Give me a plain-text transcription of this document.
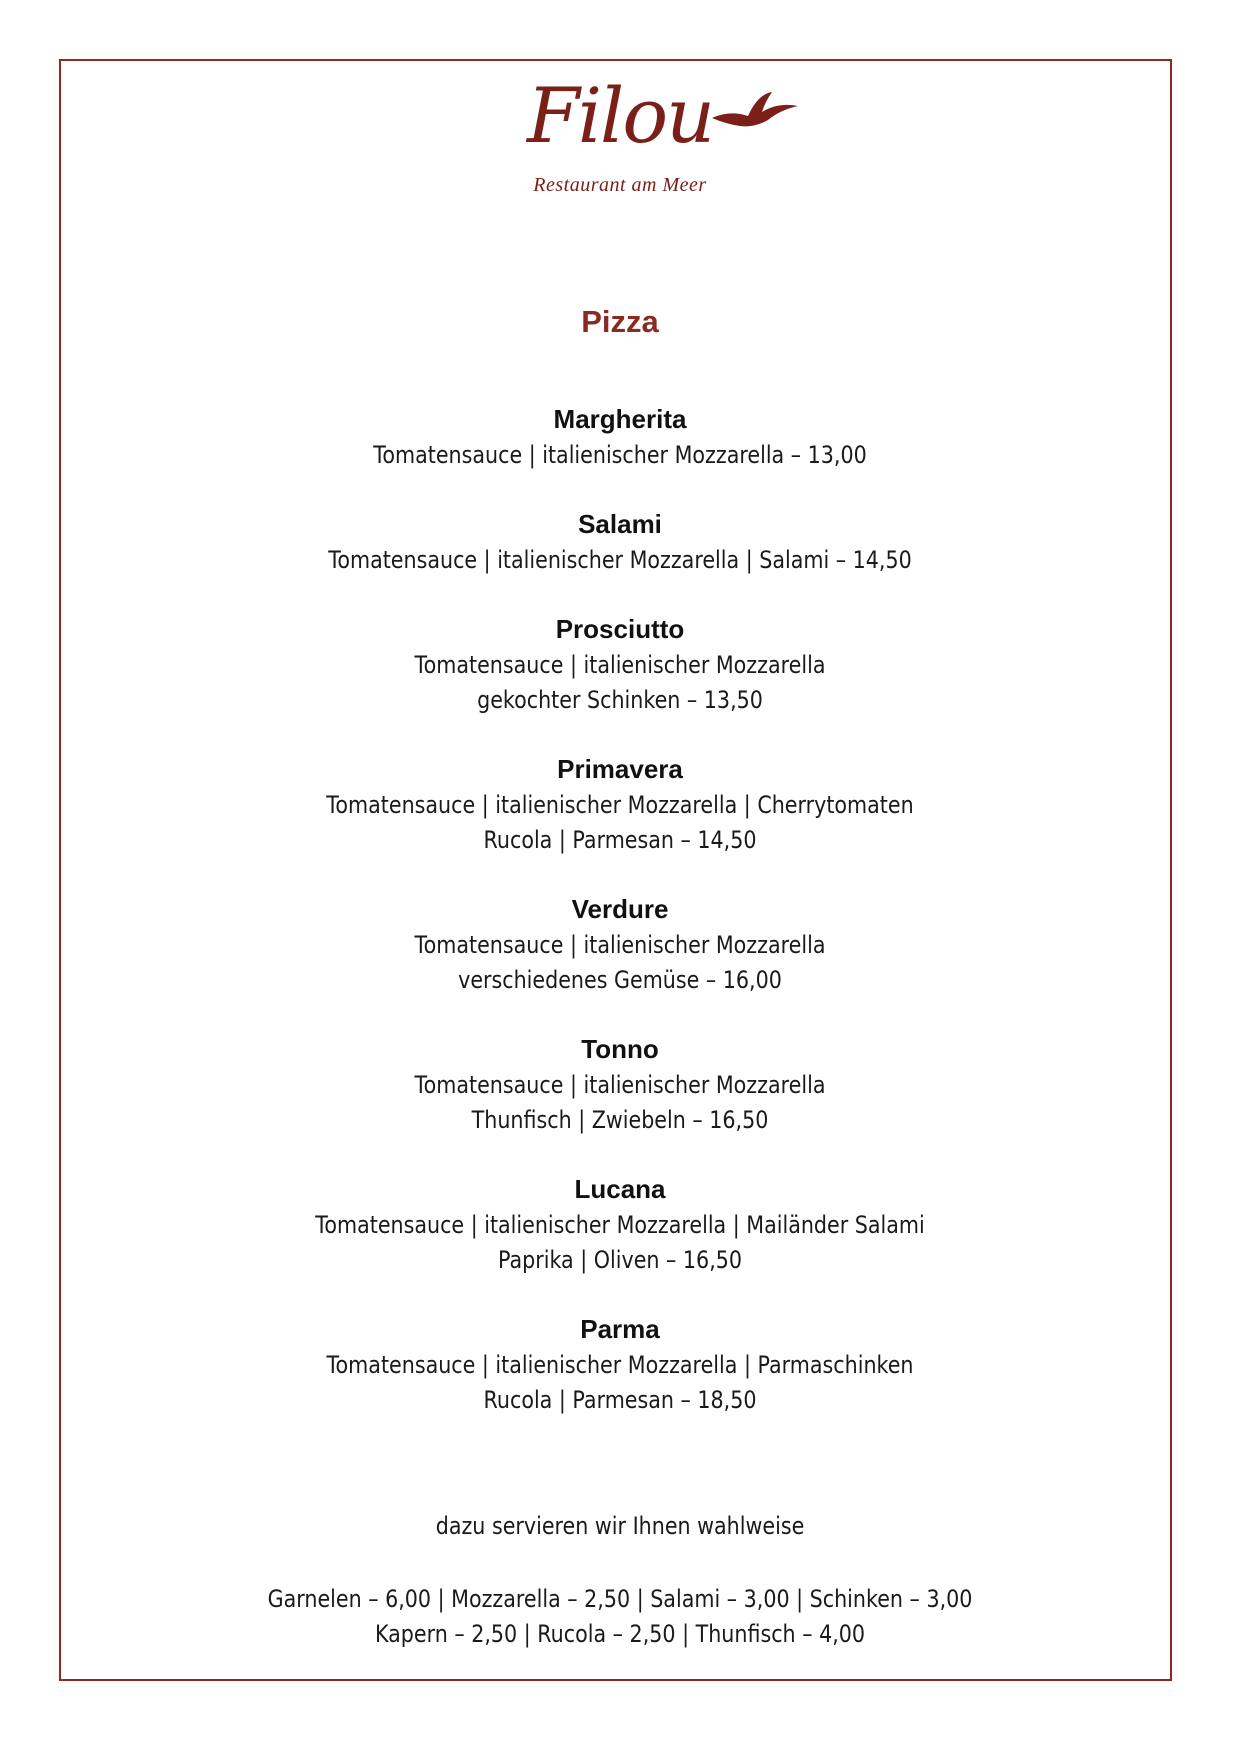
Filou
Restaurant am Meer
Pizza
Margherita
Tomatensauce | italienischer Mozzarella – 13,00
Salami
Tomatensauce | italienischer Mozzarella | Salami – 14,50
Prosciutto
Tomatensauce | italienischer Mozzarella
gekochter Schinken – 13,50
Primavera
Tomatensauce | italienischer Mozzarella | Cherrytomaten
Rucola | Parmesan – 14,50
Verdure
Tomatensauce | italienischer Mozzarella
verschiedenes Gemüse – 16,00
Tonno
Tomatensauce | italienischer Mozzarella
Thunfisch | Zwiebeln – 16,50
Lucana
Tomatensauce | italienischer Mozzarella | Mailänder Salami
Paprika | Oliven – 16,50
Parma
Tomatensauce | italienischer Mozzarella | Parmaschinken
Rucola | Parmesan – 18,50
dazu servieren wir Ihnen wahlweise
Garnelen – 6,00 | Mozzarella – 2,50 | Salami – 3,00 | Schinken – 3,00
Kapern – 2,50 | Rucola – 2,50 | Thunfisch – 4,00
